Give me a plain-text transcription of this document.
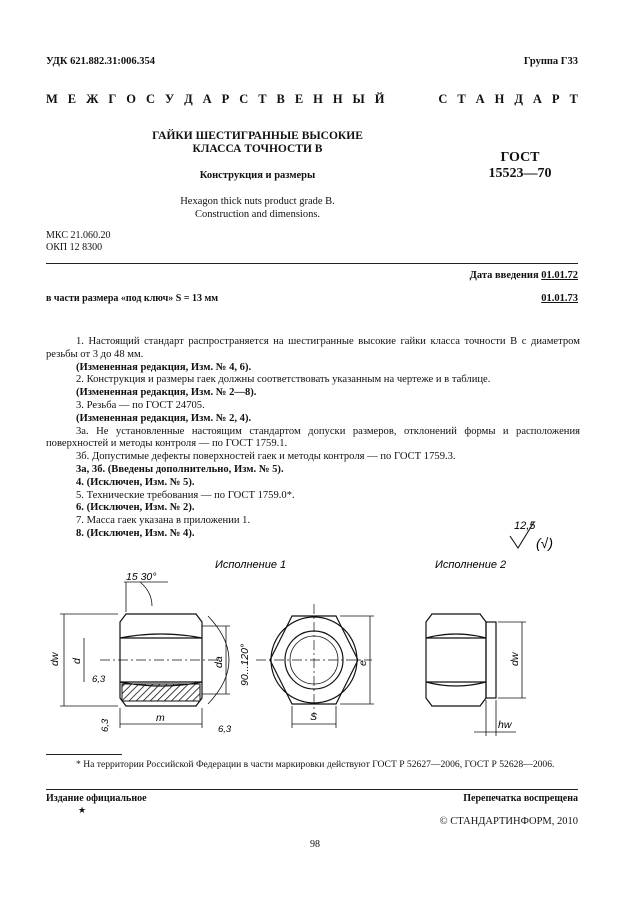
УДК 621.882.31:006.354	Группа Г33
М Е Ж Г О С У Д А Р С Т В Е Н Н Ы Й	С Т А Н Д А Р Т
ГАЙКИ ШЕСТИГРАННЫЕ ВЫСОКИЕ
КЛАССА ТОЧНОСТИ В
Конструкция и размеры
Hexagon thick nuts product grade B.
Construction and dimensions.
ГОСТ
15523—70
МКС 21.060.20
ОКП 12 8300
Дата введения 01.01.72
в части размера «под ключ» S = 13 мм	01.01.73

1. Настоящий стандарт распространяется на шестигранные высокие гайки класса точности В с диаметром резьбы от 3 до 48 мм.

(Измененная редакция, Изм. № 4, 6).

2. Конструкция и размеры гаек должны соответствовать указанным на чертеже и в таблице.

(Измененная редакция, Изм. № 2—8).

3. Резьба — по ГОСТ 24705.

(Измененная редакция, Изм. № 2, 4).

3а. Не установленные настоящим стандартом допуски размеров, отклонений формы и расположения поверхностей и методы контроля — по ГОСТ 1759.1.

3б. Допустимые дефекты поверхностей гаек и методы контроля — по ГОСТ 1759.3.

3а, 3б. (Введены дополнительно, Изм. № 5).

4. (Исключен, Изм. № 5).

5. Технические требования — по ГОСТ 1759.0*.

6. (Исключен, Изм. № 2).

7. Масса гаек указана в приложении 1.

8. (Исключен, Изм. № 4).

12,5
(√)
Исполнение 1	Исполнение 2
15 30°
dw d	da 90...120°
m
6,3
6,3	6,3
S
e	dw
hw
* На территории Российской Федерации в части маркировки действуют ГОСТ Р 52627—2006, ГОСТ Р 52628—2006.
Издание официальное
★
Перепечатка воспрещена
© СТАНДАРТИНФОРМ, 2010
98
